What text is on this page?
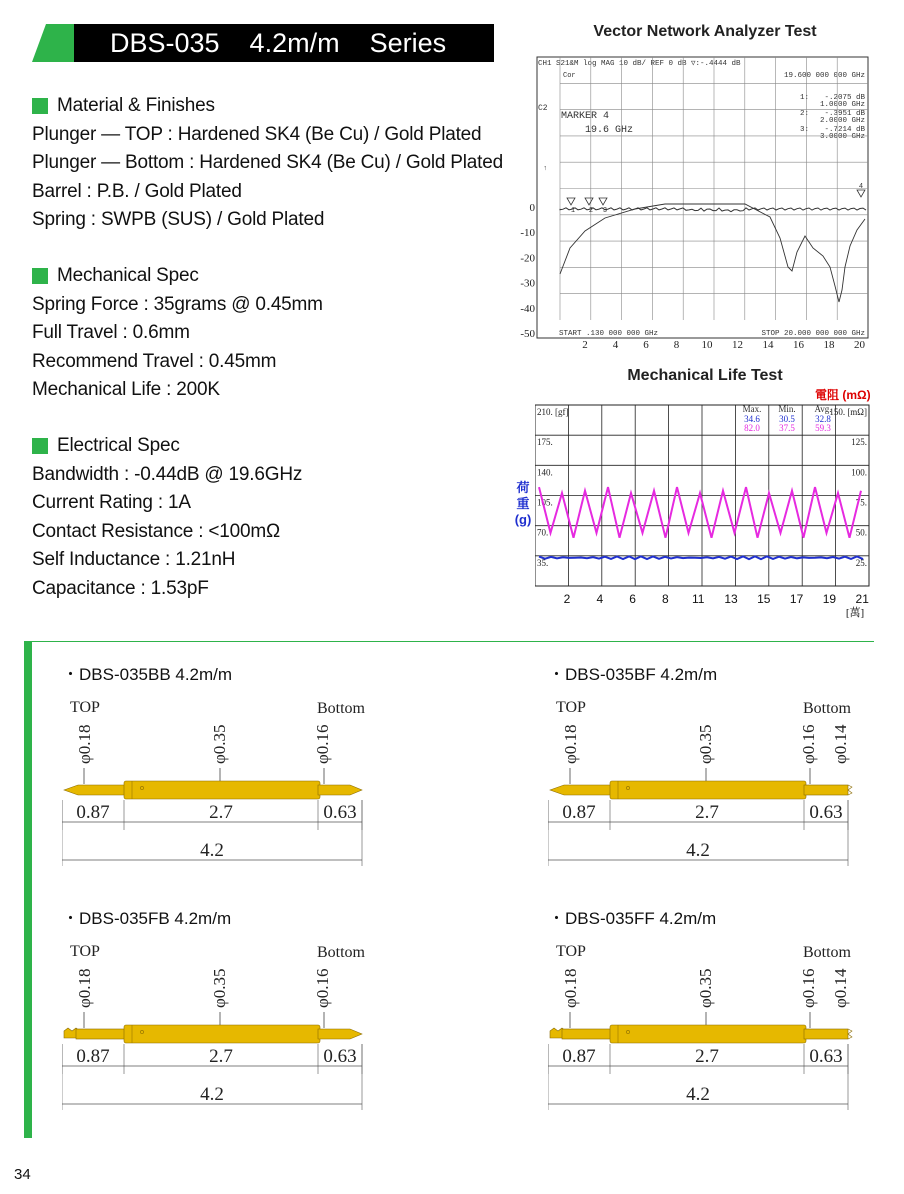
DBS-035    4.2m/m    Series
Material & Finishes
Plunger — TOP : Hardened SK4 (Be Cu) / Gold Plated
Plunger — Bottom : Hardened SK4 (Be Cu) / Gold Plated
Barrel : P.B. / Gold Plated
Spring : SWPB (SUS) / Gold Plated
Mechanical Spec
Spring Force : 35grams @ 0.45mm
Full Travel : 0.6mm
Recommend Travel : 0.45mm
Mechanical Life : 200K
Electrical Spec
Bandwidth : -0.44dB @ 19.6GHz
Current Rating : 1A
Contact Resistance : <100mΩ
Self Inductance : 1.21nH
Capacitance : 1.53pF
Vector Network Analyzer Test
CH1 S21&M log MAG 10 dB/ REF 0 dB ▽:-.4444 dB
19.600 000 000 GHz
Cor
C2
MARKER 4
19.6 GHz
1: -.2075 dB
1.0000 GHz
2: -.3951 dB
2.0000 GHz
3: -.7214 dB
3.0000 GHz
0
-10
-20
-30
-40
-50
2 4 6 8 10 12 14 16 18 20
1 2 3
4
↑
START .130 000 000 GHz	STOP 20.000 000 000 GHz
Mechanical Life Test
電阻 (mΩ)
荷
重
(g)
210. [gf]
175.
140.
105.
70.
35.
150. [mΩ]
125.
100.
75.
50.
25.
Max. Min. Avg.
34.6 30.5 32.8
82.0 37.5 59.3
2 4 6 8 11 13 15 17 19 21
[萬]
・DBS-035BB 4.2m/m
TOP	Bottom
φ0.18	φ0.35	φ0.16
0.87	2.7	0.63
4.2
・DBS-035BF 4.2m/m
TOP	Bottom
φ0.18	φ0.35	φ0.16 φ0.14
0.87	2.7	0.63
4.2
・DBS-035FB 4.2m/m
TOP	Bottom
φ0.18	φ0.35	φ0.16
0.87	2.7	0.63
4.2
・DBS-035FF 4.2m/m
TOP	Bottom
φ0.18	φ0.35	φ0.16 φ0.14
0.87	2.7	0.63
4.2
34
